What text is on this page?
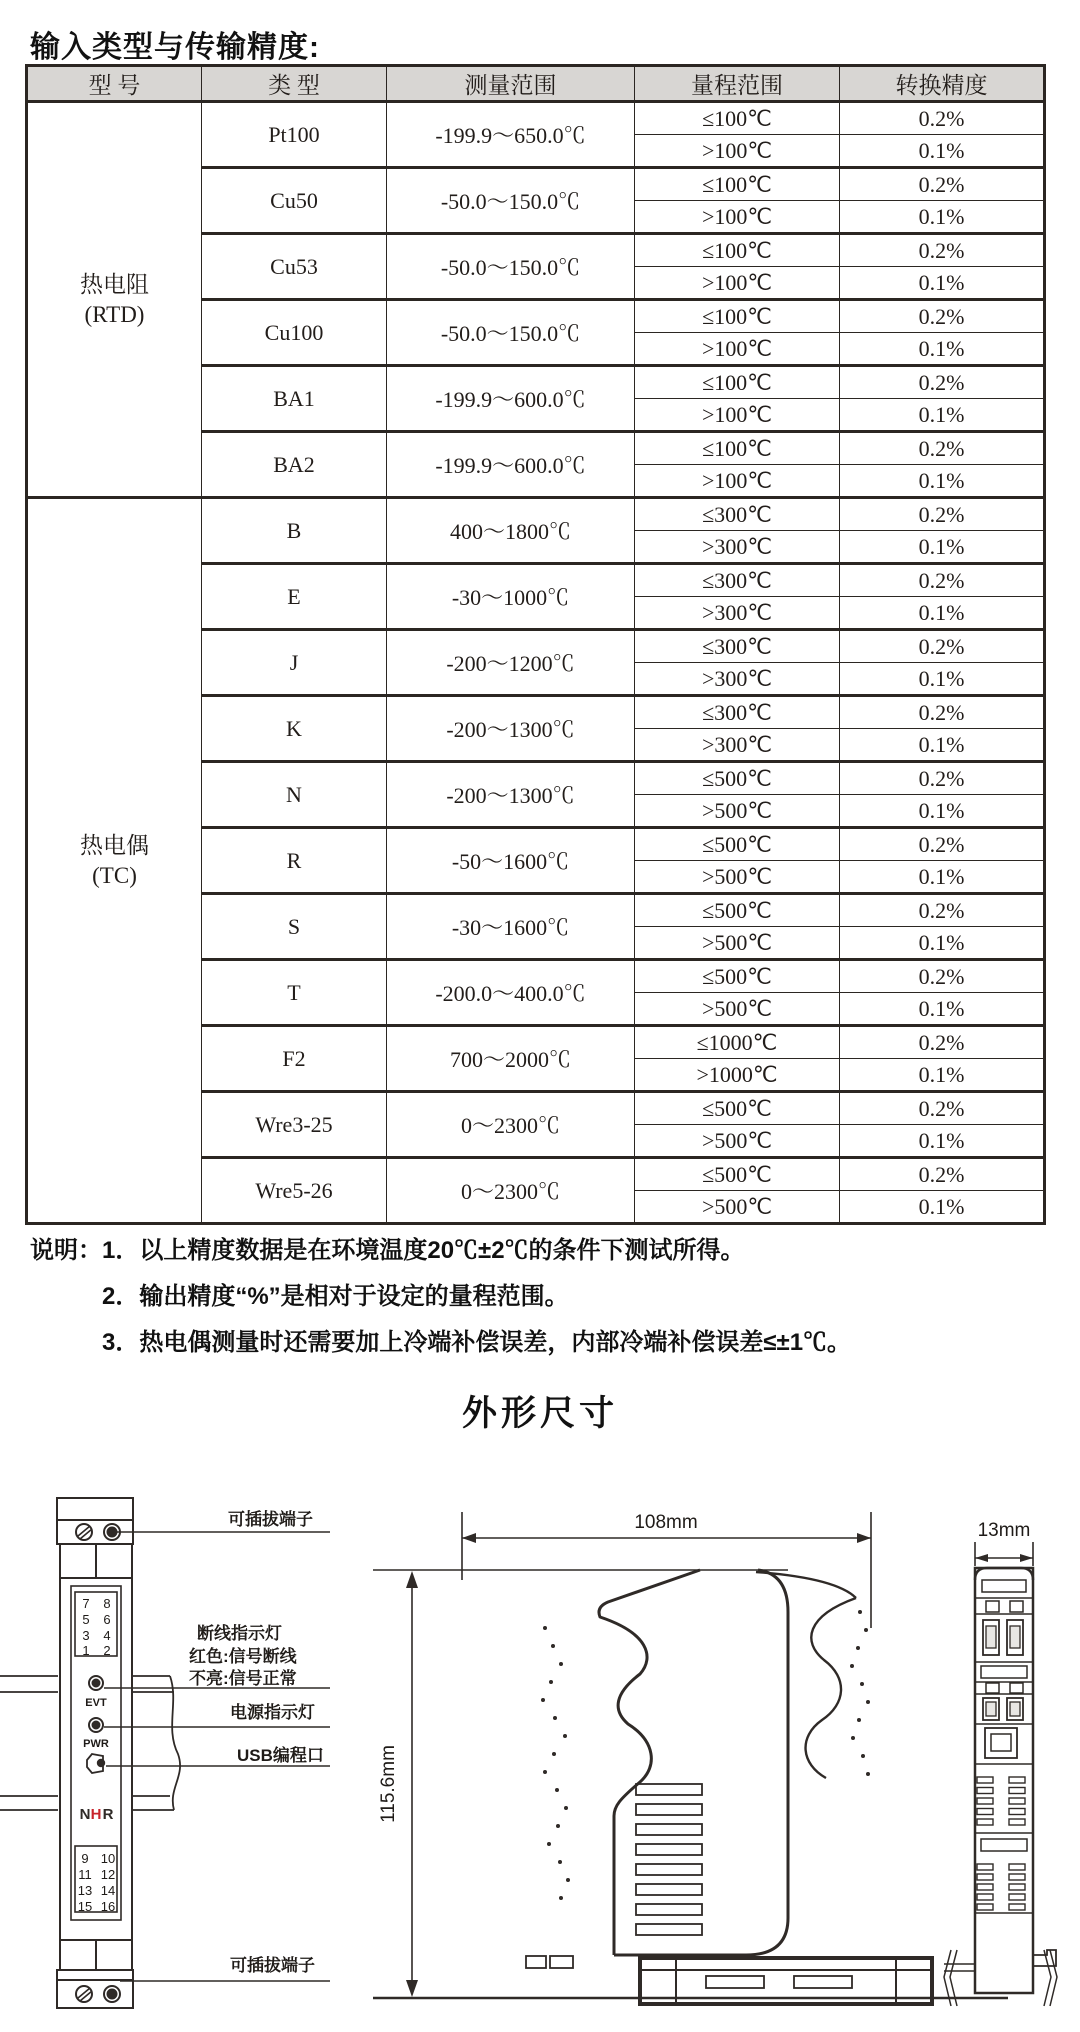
输入类型与传输精度:
型 号	类 型	测量范围	量程范围	转换精度

热电阻
(RTD)	Pt100	-199.9～650.0℃	≤100℃	0.2%
			>100℃	0.1%
	Cu50	-50.0～150.0℃	≤100℃	0.2%
			>100℃	0.1%
	Cu53	-50.0～150.0℃	≤100℃	0.2%
			>100℃	0.1%
	Cu100	-50.0～150.0℃	≤100℃	0.2%
			>100℃	0.1%
	BA1	-199.9～600.0℃	≤100℃	0.2%
			>100℃	0.1%
	BA2	-199.9～600.0℃	≤100℃	0.2%
			>100℃	0.1%

热电偶
(TC)	B	400～1800℃	≤300℃	0.2%
			>300℃	0.1%
	E	-30～1000℃	≤300℃	0.2%
			>300℃	0.1%
	J	-200～1200℃	≤300℃	0.2%
			>300℃	0.1%
	K	-200～1300℃	≤300℃	0.2%
			>300℃	0.1%
	N	-200～1300℃	≤500℃	0.2%
			>500℃	0.1%
	R	-50～1600℃	≤500℃	0.2%
			>500℃	0.1%
	S	-30～1600℃	≤500℃	0.2%
			>500℃	0.1%
	T	-200.0～400.0℃	≤500℃	0.2%
			>500℃	0.1%
	F2	700～2000℃	≤1000℃	0.2%
			>1000℃	0.1%
	Wre3-25	0～2300℃	≤500℃	0.2%
			>500℃	0.1%
	Wre5-26	0～2300℃	≤500℃	0.2%
			>500℃	0.1%
说明：1．以上精度数据是在环境温度20℃±2℃的条件下测试所得。
2．输出精度“%”是相对于设定的量程范围。
3．热电偶测量时还需要加上冷端补偿误差，内部冷端补偿误差≤±1℃。
外形尺寸
7 8
5 6
3 4
1 2
EVT
PWR
N H R
9 10
11 12
13 14
15 16
可插拔端子
断线指示灯
红色:信号断线
不亮:信号正常
电源指示灯
USB编程口
可插拔端子
108mm
115.6mm
13mm
